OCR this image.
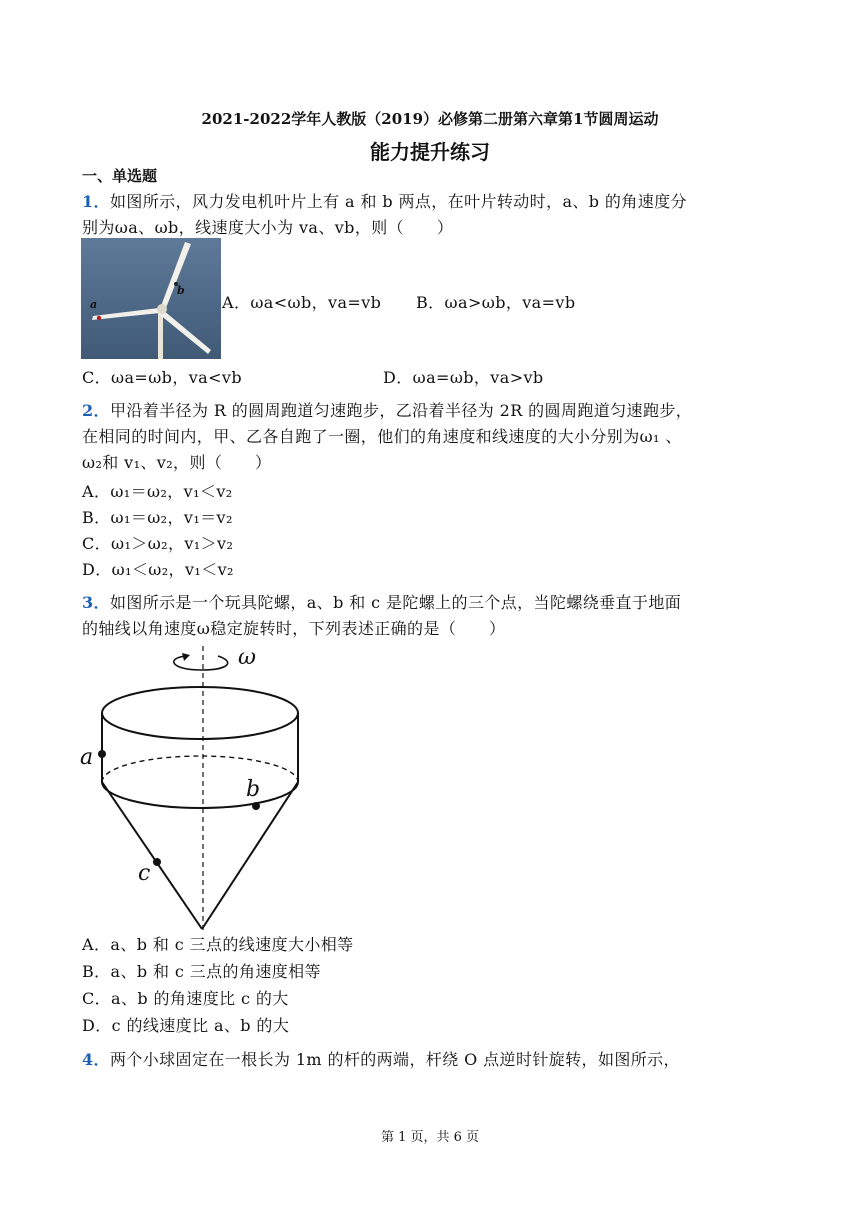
2021-2022学年人教版（2019）必修第二册第六章第1节圆周运动
能力提升练习
一、单选题
1．如图所示，风力发电机叶片上有 a 和 b 两点，在叶片转动时，a、b 的角速度分
别为ωa、ωb，线速度大小为 va、vb，则（　　）
a
b
A．ωa<ωb，va=vb B．ωa>ωb，va=vb
C．ωa=ωb，va<vb	D．ωa=ωb，va>vb
2．甲沿着半径为 R 的圆周跑道匀速跑步，乙沿着半径为 2R 的圆周跑道匀速跑步，
在相同的时间内，甲、乙各自跑了一圈，他们的角速度和线速度的大小分别为ω₁ 、
ω₂和 v₁、v₂，则（　　）
A．ω₁＝ω₂，v₁＜v₂
B．ω₁＝ω₂，v₁＝v₂
C．ω₁＞ω₂，v₁＞v₂
D．ω₁＜ω₂，v₁＜v₂
3．如图所示是一个玩具陀螺，a、b 和 c 是陀螺上的三个点，当陀螺绕垂直于地面
的轴线以角速度ω稳定旋转时，下列表述正确的是（　　）
ω
a
b
c
A．a、b 和 c 三点的线速度大小相等
B．a、b 和 c 三点的角速度相等
C．a、b 的角速度比 c 的大
D．c 的线速度比 a、b 的大
4．两个小球固定在一根长为 1m 的杆的两端，杆绕 O 点逆时针旋转，如图所示，
第 1 页，共 6 页
